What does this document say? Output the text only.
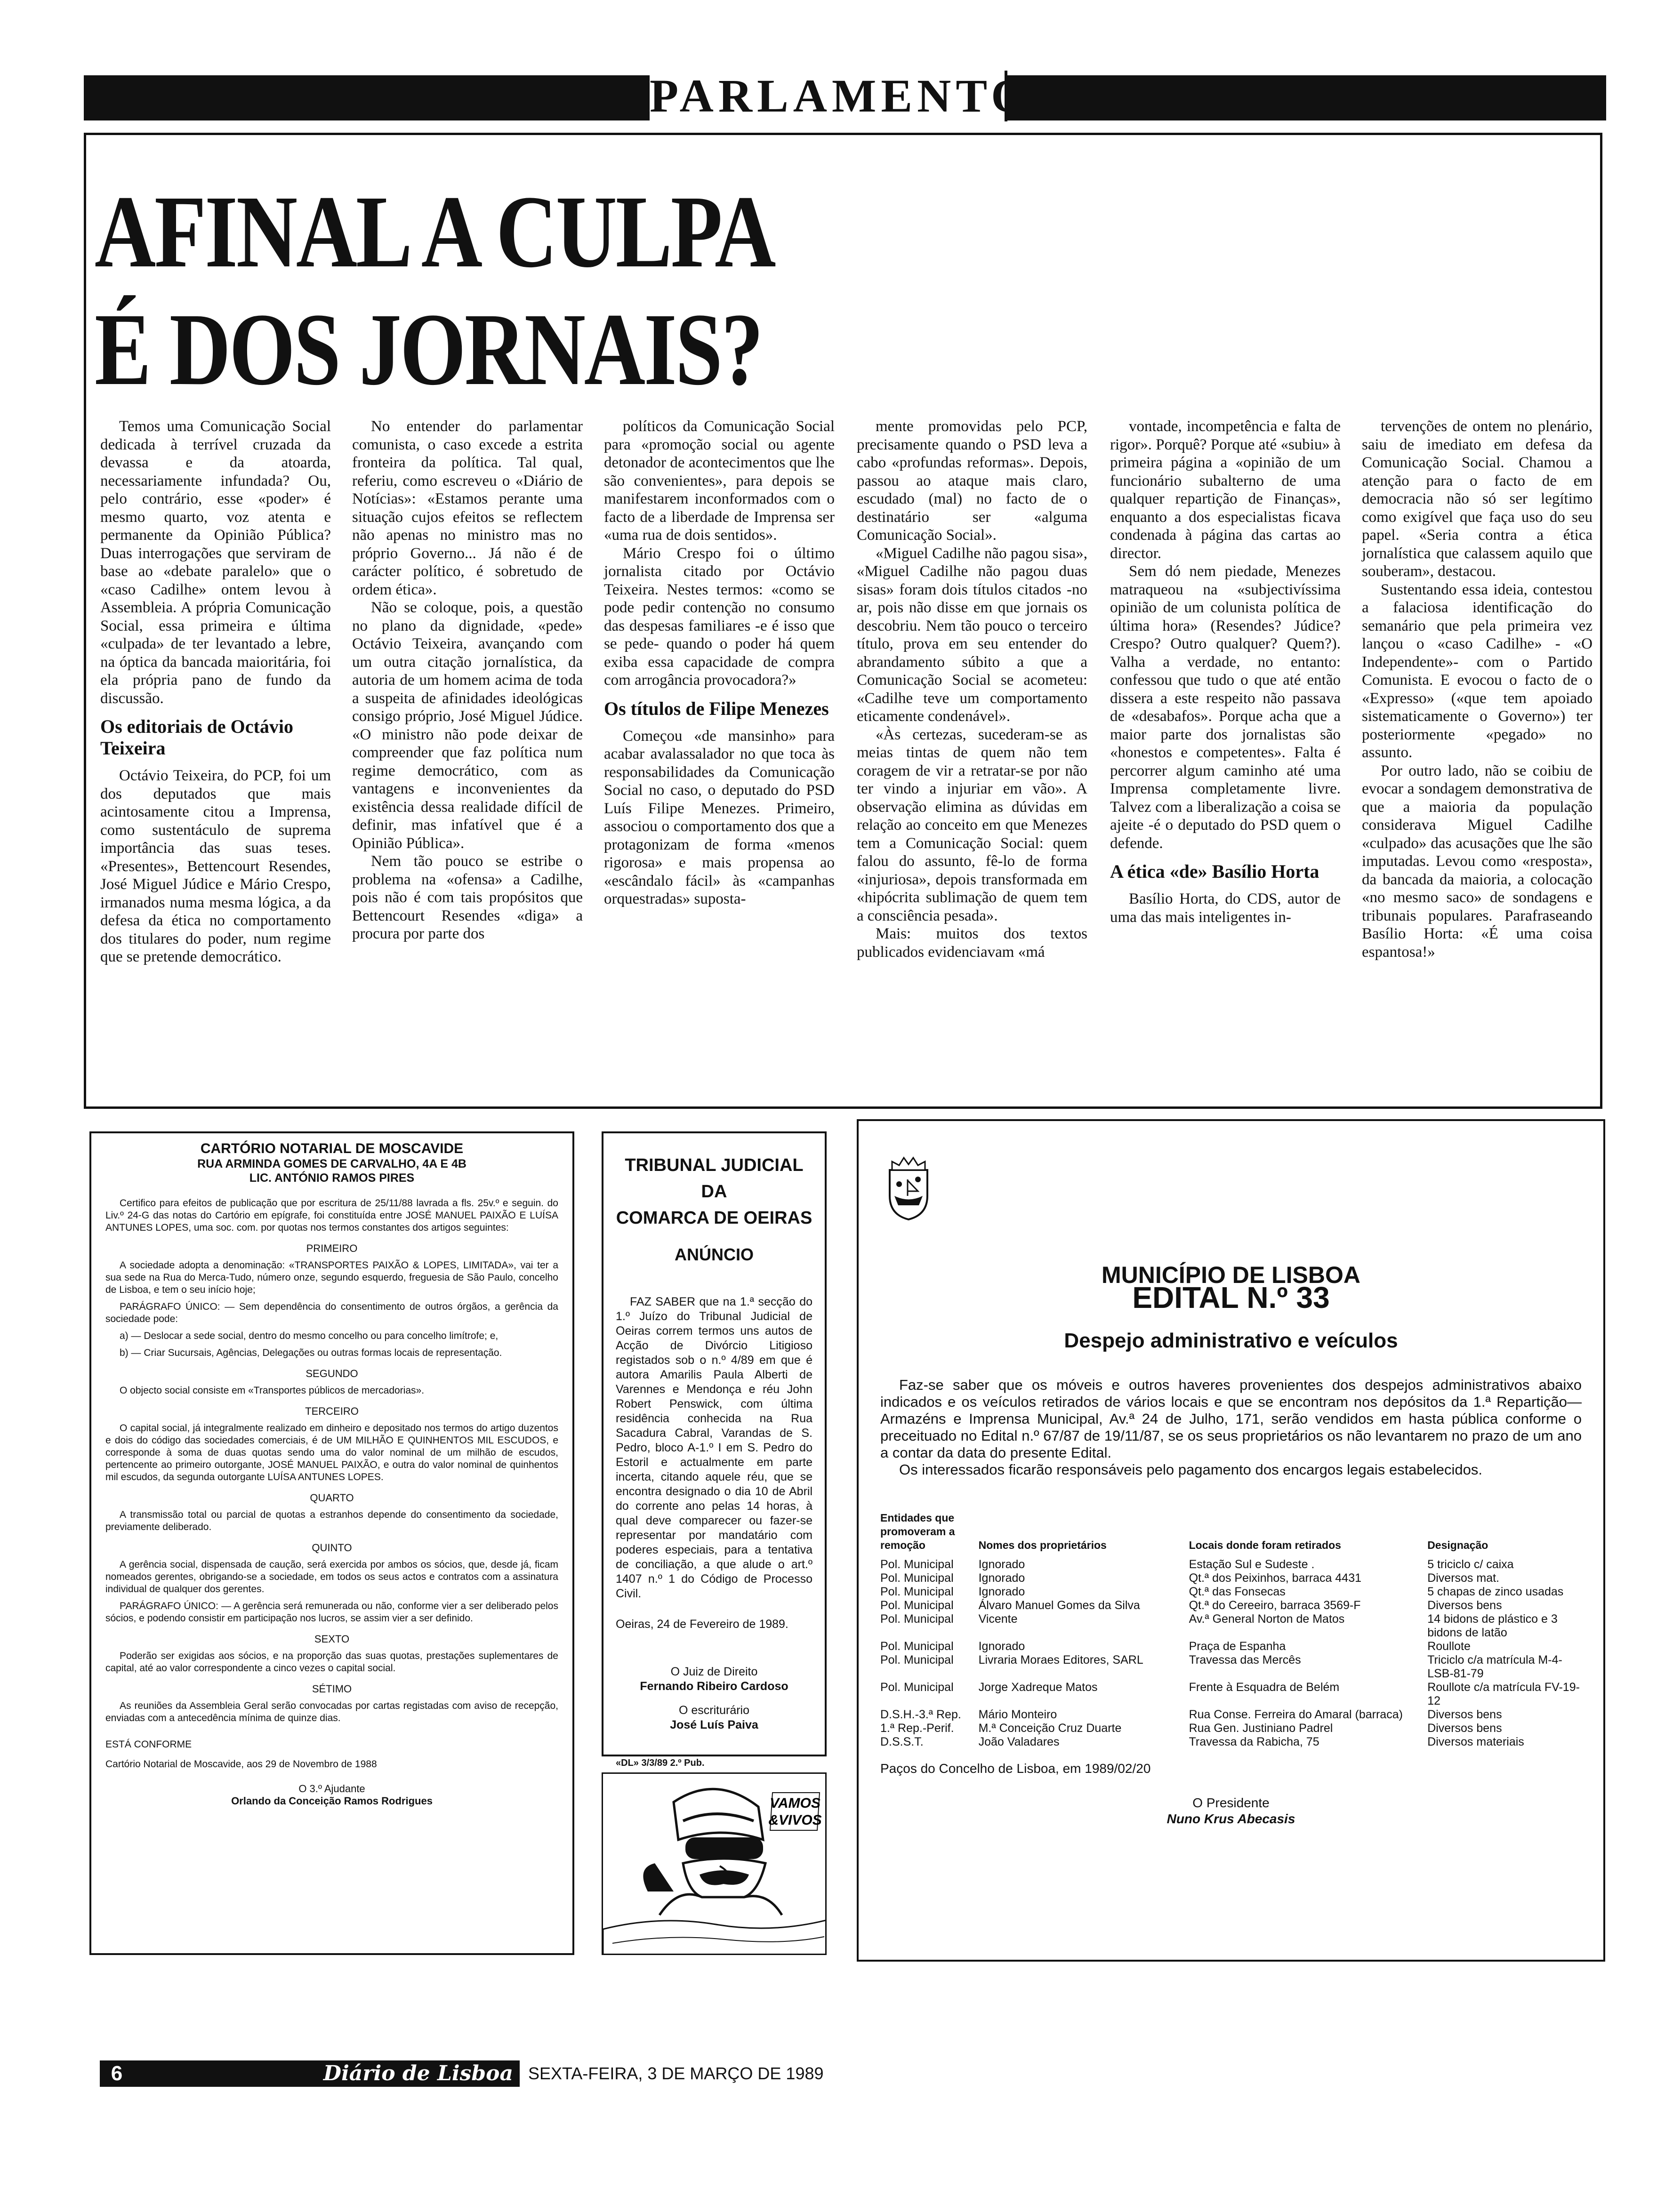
PARLAMENTO
AFINAL A CULPA
É DOS JORNAIS?

Temos uma Comunicação Social dedicada à terrível cruzada da devassa e da atoarda, necessariamente infundada? Ou, pelo contrário, esse «poder» é mesmo quarto, voz atenta e permanente da Opinião Pública? Duas interrogações que serviram de base ao «debate paralelo» que o «caso Cadilhe» ontem levou à Assembleia. A própria Comunicação Social, essa primeira e última «culpada» de ter levantado a lebre, na óptica da bancada maioritária, foi ela própria pano de fundo da discussão.

Os editoriais de Octávio Teixeira

Octávio Teixeira, do PCP, foi um dos deputados que mais acintosamente citou a Imprensa, como sustentáculo de suprema importância das suas teses. «Presentes», Bettencourt Resendes, José Miguel Júdice e Mário Crespo, irmanados numa mesma lógica, a da defesa da ética no comportamento dos titulares do poder, num regime que se pretende democrático.

No entender do parlamentar comunista, o caso excede a estrita fronteira da política. Tal qual, referiu, como escreveu o «Diário de Notícias»: «Estamos perante uma situação cujos efeitos se reflectem não apenas no ministro mas no próprio Governo... Já não é de carácter político, é sobretudo de ordem ética».

Não se coloque, pois, a questão no plano da dignidade, «pede» Octávio Teixeira, avançando com um outra citação jornalística, da autoria de um homem acima de toda a suspeita de afinidades ideológicas consigo próprio, José Miguel Júdice. «O ministro não pode deixar de compreender que faz política num regime democrático, com as vantagens e inconvenientes da existência dessa realidade difícil de definir, mas infatível que é a Opinião Pública».

Nem tão pouco se estribe o problema na «ofensa» a Cadilhe, pois não é com tais propósitos que Bettencourt Resendes «diga» a procura por parte dos

políticos da Comunicação Social para «promoção social ou agente detonador de acontecimentos que lhe são convenientes», para depois se manifestarem inconformados com o facto de a liberdade de Imprensa ser «uma rua de dois sentidos».

Mário Crespo foi o último jornalista citado por Octávio Teixeira. Nestes termos: «como se pode pedir contenção no consumo das despesas familiares -e é isso que se pede- quando o poder há quem exiba essa capacidade de compra com arrogância provocadora?»

Os títulos de Filipe Menezes

Começou «de mansinho» para acabar avalassalador no que toca às responsabilidades da Comunicação Social no caso, o deputado do PSD Luís Filipe Menezes. Primeiro, associou o comportamento dos que a protagonizam de forma «menos rigorosa» e mais propensa ao «escândalo fácil» às «campanhas orquestradas» suposta-

mente promovidas pelo PCP, precisamente quando o PSD leva a cabo «profundas reformas». Depois, passou ao ataque mais claro, escudado (mal) no facto de o destinatário ser «alguma Comunicação Social».

«Miguel Cadilhe não pagou sisa», «Miguel Cadilhe não pagou duas sisas» foram dois títulos citados -no ar, pois não disse em que jornais os descobriu. Nem tão pouco o terceiro título, prova em seu entender do abrandamento súbito a que a Comunicação Social se acometeu: «Cadilhe teve um comportamento eticamente condenável».

«Às certezas, sucederam-se as meias tintas de quem não tem coragem de vir a retratar-se por não ter vindo a injuriar em vão». A observação elimina as dúvidas em relação ao conceito em que Menezes tem a Comunicação Social: quem falou do assunto, fê-lo de forma «injuriosa», depois transformada em «hipócrita sublimação de quem tem a consciência pesada».

Mais: muitos dos textos publicados evidenciavam «má

vontade, incompetência e falta de rigor». Porquê? Porque até «subiu» à primeira página a «opinião de um funcionário subalterno de uma qualquer repartição de Finanças», enquanto a dos especialistas ficava condenada à página das cartas ao director.

Sem dó nem piedade, Menezes matraqueou na «subjectivíssima opinião de um colunista política de última hora» (Resendes? Júdice? Crespo? Outro qualquer? Quem?). Valha a verdade, no entanto: confessou que tudo o que até então dissera a este respeito não passava de «desabafos». Porque acha que a maior parte dos jornalistas são «honestos e competentes». Falta é percorrer algum caminho até uma Imprensa completamente livre. Talvez com a liberalização a coisa se ajeite -é o deputado do PSD quem o defende.

A ética «de» Basílio Horta

Basílio Horta, do CDS, autor de uma das mais inteligentes in-

tervenções de ontem no plenário, saiu de imediato em defesa da Comunicação Social. Chamou a atenção para o facto de em democracia não só ser legítimo como exigível que faça uso do seu papel. «Seria contra a ética jornalística que calassem aquilo que souberam», destacou.

Sustentando essa ideia, contestou a falaciosa identificação do semanário que pela primeira vez lançou o «caso Cadilhe» - «O Independente»- com o Partido Comunista. E evocou o facto de o «Expresso» («que tem apoiado sistematicamente o Governo») ter posteriormente «pegado» no assunto.

Por outro lado, não se coibiu de evocar a sondagem demonstrativa de que a maioria da população considerava Miguel Cadilhe «culpado» das acusações que lhe são imputadas. Levou como «resposta», da bancada da maioria, a colocação «no mesmo saco» de sondagens e tribunais populares. Parafraseando Basílio Horta: «É uma coisa espantosa!»

CARTÓRIO NOTARIAL DE MOSCAVIDE
RUA ARMINDA GOMES DE CARVALHO, 4A E 4B
LIC. ANTÓNIO RAMOS PIRES

Certifico para efeitos de publicação que por escritura de 25/11/88 lavrada a fls. 25v.º e seguin. do Liv.º 24-G das notas do Cartório em epígrafe, foi constituída entre JOSÉ MANUEL PAIXÃO E LUÍSA ANTUNES LOPES, uma soc. com. por quotas nos termos constantes dos artigos seguintes:

PRIMEIRO

A sociedade adopta a denominação: «TRANSPORTES PAIXÃO & LOPES, LIMITADA», vai ter a sua sede na Rua do Merca-Tudo, número onze, segundo esquerdo, freguesia de São Paulo, concelho de Lisboa, e tem o seu início hoje;

PARÁGRAFO ÚNICO: — Sem dependência do consentimento de outros órgãos, a gerência da sociedade pode:

a) — Deslocar a sede social, dentro do mesmo concelho ou para concelho limítrofe; e,

b) — Criar Sucursais, Agências, Delegações ou outras formas locais de representação.

SEGUNDO

O objecto social consiste em «Transportes públicos de mercadorias».

TERCEIRO

O capital social, já integralmente realizado em dinheiro e depositado nos termos do artigo duzentos e dois do código das sociedades comerciais, é de UM MILHÃO E QUINHENTOS MIL ESCUDOS, e corresponde à soma de duas quotas sendo uma do valor nominal de um milhão de escudos, pertencente ao primeiro outorgante, JOSÉ MANUEL PAIXÃO, e outra do valor nominal de quinhentos mil escudos, da segunda outorgante LUÍSA ANTUNES LOPES.

QUARTO

A transmissão total ou parcial de quotas a estranhos depende do consentimento da sociedade, previamente deliberado.

QUINTO

A gerência social, dispensada de caução, será exercida por ambos os sócios, que, desde já, ficam nomeados gerentes, obrigando-se a sociedade, em todos os seus actos e contratos com a assinatura individual de qualquer dos gerentes.

PARÁGRAFO ÚNICO: — A gerência será remunerada ou não, conforme vier a ser deliberado pelos sócios, e podendo consistir em participação nos lucros, se assim vier a ser definido.

SEXTO

Poderão ser exigidas aos sócios, e na proporção das suas quotas, prestações suplementares de capital, até ao valor correspondente a cinco vezes o capital social.

SÉTIMO

As reuniões da Assembleia Geral serão convocadas por cartas registadas com aviso de recepção, enviadas com a antecedência mínima de quinze dias.

ESTÁ CONFORME
Cartório Notarial de Moscavide, aos 29 de Novembro de 1988
O 3.º Ajudante
Orlando da Conceição Ramos Rodrigues
TRIBUNAL JUDICIAL
DA
COMARCA DE OEIRAS
ANÚNCIO

FAZ SABER que na 1.ª secção do 1.º Juízo do Tribunal Judicial de Oeiras correm termos uns autos de Acção de Divórcio Litigioso registados sob o n.º 4/89 em que é autora Amarilis Paula Alberti de Varennes e Mendonça e réu John Robert Penswick, com última residência conhecida na Rua Sacadura Cabral, Varandas de S. Pedro, bloco A-1.º I em S. Pedro do Estoril e actualmente em parte incerta, citando aquele réu, que se encontra designado o dia 10 de Abril do corrente ano pelas 14 horas, à qual deve comparecer ou fazer-se representar por mandatário com poderes especiais, para a tentativa de conciliação, a que alude o art.º 1407 n.º 1 do Código de Processo Civil.

Oeiras, 24 de Fevereiro de 1989.
O Juiz de Direito
Fernando Ribeiro Cardoso
O escriturário
José Luís Paiva
«DL» 3/3/89 2.º Pub.
VAMOS
&VIVOS
MUNICÍPIO DE LISBOA
EDITAL N.º 33
Despejo administrativo e veículos
Faz-se saber que os móveis e outros haveres provenientes dos despejos administrativos abaixo indicados e os veículos retirados de vários locais e que se encontram nos depósitos da 1.ª Repartição—Armazéns e Imprensa Municipal, Av.ª 24 de Julho, 171, serão vendidos em hasta pública conforme o preceituado no Edital n.º 67/87 de 19/11/87, se os seus proprietários os não levantarem no prazo de um ano a contar da data do presente Edital.
Os interessados ficarão responsáveis pelo pagamento dos encargos legais estabelecidos.
Entidades que promoveram a remoção	Nomes dos proprietários	Locais donde foram retirados	Designação
Pol. Municipal	Ignorado	Estação Sul e Sudeste .	5 triciclo c/ caixa
Pol. Municipal	Ignorado	Qt.ª dos Peixinhos, barraca 4431	Diversos mat.
Pol. Municipal	Ignorado	Qt.ª das Fonsecas	5 chapas de zinco usadas
Pol. Municipal	Álvaro Manuel Gomes da Silva	Qt.ª do Cereeiro, barraca 3569-F	Diversos bens
Pol. Municipal	Vicente	Av.ª General Norton de Matos	14 bidons de plástico e 3 bidons de latão
Pol. Municipal	Ignorado	Praça de Espanha	Roullote
Pol. Municipal	Livraria Moraes Editores, SARL	Travessa das Mercês	Triciclo c/a matrícula M-4-LSB-81-79
Pol. Municipal	Jorge Xadreque Matos	Frente à Esquadra de Belém	Roullote c/a matrícula FV-19-12
D.S.H.-3.ª Rep.	Mário Monteiro	Rua Conse. Ferreira do Amaral (barraca)	Diversos bens
1.ª Rep.-Perif.	M.ª Conceição Cruz Duarte	Rua Gen. Justiniano Padrel	Diversos bens
D.S.S.T.	João Valadares	Travessa da Rabicha, 75	Diversos materiais
Paços do Concelho de Lisboa, em 1989/02/20
O Presidente
Nuno Krus Abecasis
6	Diário de Lisboa SEXTA-FEIRA, 3 DE MARÇO DE 1989
